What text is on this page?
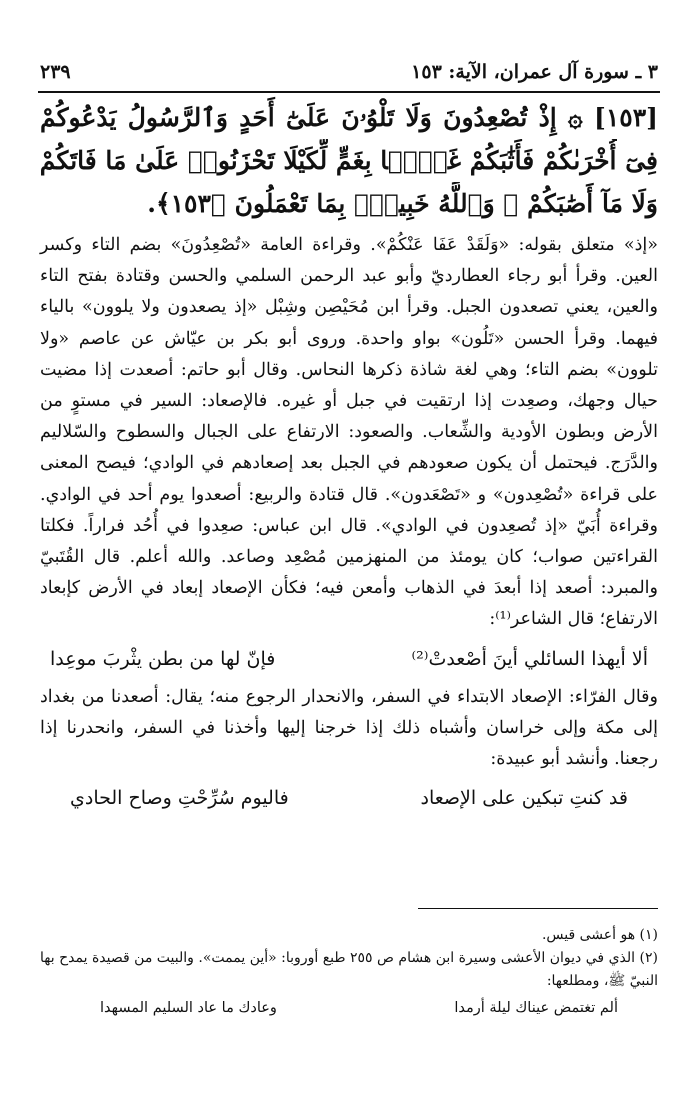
٣ ـ سورة آل عمران، الآية: ١٥٣
٢٣٩
[١٥٣] ۞ إِذْ تُصْعِدُونَ وَلَا تَلْوُۥنَ عَلَىٰٓ أَحَدٍ وَٱلرَّسُولُ يَدْعُوكُمْ
فِىٓ أُخْرَىٰكُمْ فَأَثَٰبَكُمْ غَمًّۢا بِغَمٍّ لِّكَيْلَا تَحْزَنُوا۟ عَلَىٰ مَا فَاتَكُمْ
وَلَا مَآ أَصَٰبَكُمْ ۗ وَٱللَّهُ خَبِيرٌۢ بِمَا تَعْمَلُونَ ﴿١٥٣﴾.

«إذ» متعلق بقوله: «وَلَقَدْ عَفَا عَنْكُمْ». وقراءة العامة «تُصْعِدُونَ» بضم التاء وكسر العين. وقرأ أبو رجاء العطارديّ وأبو عبد الرحمن السلمي والحسن وقتادة بفتح التاء والعين، يعني تصعدون الجبل. وقرأ ابن مُحَيْصِن وشِبْل «إذ يصعدون ولا يلوون» بالياء فيهما. وقرأ الحسن «تَلُون» بواو واحدة. وروى أبو بكر بن عيّاش عن عاصم «ولا تلوون» بضم التاء؛ وهي لغة شاذة ذكرها النحاس. وقال أبو حاتم: أصعدت إذا مضيت حيال وجهك، وصعِدت إذا ارتقيت في جبل أو غيره. فالإصعاد: السير في مستوٍ من الأرض وبطون الأودية والشِّعاب. والصعود: الارتفاع على الجبال والسطوح والسّلاليم والدَّرَج. فيحتمل أن يكون صعودهم في الجبل بعد إصعادهم في الوادي؛ فيصح المعنى على قراءة «تُصْعِدون» و «تَصْعَدون». قال قتادة والربيع: أصعدوا يوم أحد في الوادي. وقراءة أُبَيّ «إذ تُصعِدون في الوادي». قال ابن عباس: صعِدوا في أُحُد فراراً. فكلتا القراءتين صواب؛ كان يومئذ من المنهزمين مُصْعِد وصاعد. والله أعلم. قال القُتَبيّ والمبرد: أصعد إذا أبعدَ في الذهاب وأمعن فيه؛ فكأن الإصعاد إبعاد في الأرض كإبعاد الارتفاع؛ قال الشاعر⁽¹⁾:

ألا أيهذا السائلي أينَ أصْعدتْ⁽²⁾
فإنّ لها من بطن يثْربَ موعِدا

وقال الفرّاء: الإصعاد الابتداء في السفر، والانحدار الرجوع منه؛ يقال: أصعدنا من بغداد إلى مكة وإلى خراسان وأشباه ذلك إذا خرجنا إليها وأخذنا في السفر، وانحدرنا إذا رجعنا. وأنشد أبو عبيدة:

قد كنتِ تبكين على الإصعاد
فاليوم سُرِّحْتِ وصاح الحادي

(١) هو أعشى قيس.

(٢) الذي في ديوان الأعشى وسيرة ابن هشام ص ٢٥٥ طبع أوروبا: «أين يممت». والبيت من قصيدة يمدح بها النبيّ ﷺ، ومطلعها:

ألم تغتمض عيناك ليلة أرمدا
وعادك ما عاد السليم المسهدا
